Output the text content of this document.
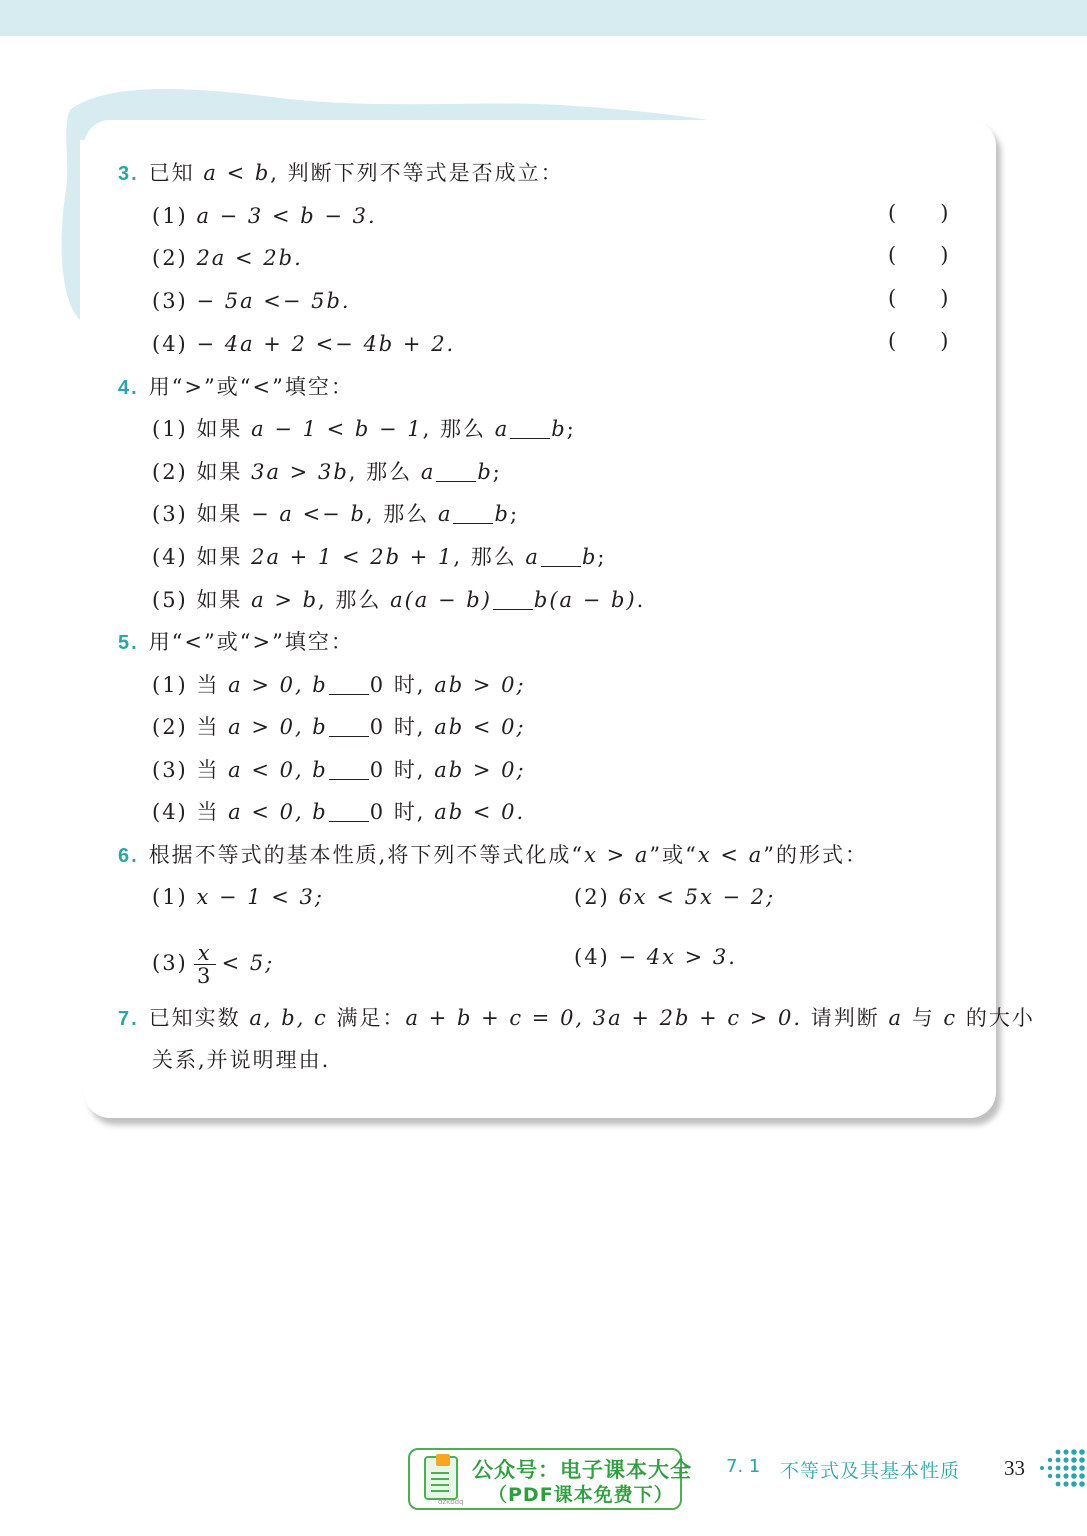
3. 已知 a < b, 判断下列不等式是否成立：
(1) a − 3 < b − 3.	()
(2) 2a < 2b.	()
(3) − 5a <− 5b.	()
(4) − 4a + 2 <− 4b + 2.	()
4. 用“>”或“<”填空：
(1) 如果 a − 1 < b − 1, 那么 a b;
(2) 如果 3a > 3b, 那么 a b;
(3) 如果 − a <− b, 那么 a b;
(4) 如果 2a + 1 < 2b + 1, 那么 a b;
(5) 如果 a > b, 那么 a(a − b) b(a − b).
5. 用“<”或“>”填空：
(1) 当 a > 0, b 0 时, ab > 0;
(2) 当 a > 0, b 0 时, ab < 0;
(3) 当 a < 0, b 0 时, ab > 0;
(4) 当 a < 0, b 0 时, ab < 0.
6. 根据不等式的基本性质,将下列不等式化成“x > a”或“x < a”的形式：
(1) x − 1 < 3;	(2) 6x < 5x − 2;
$(3) \frac{x}{3} < 5$;	(4) − 4x > 3.
7. 已知实数 a, b, c 满足：a + b + c = 0, 3a + 2b + c > 0. 请判断 a 与 c 的大小
关系,并说明理由.
dzkbdq
公众号：电子课本大全
（PDF课本免费下）
7. 1 不等式及其基本性质 33
